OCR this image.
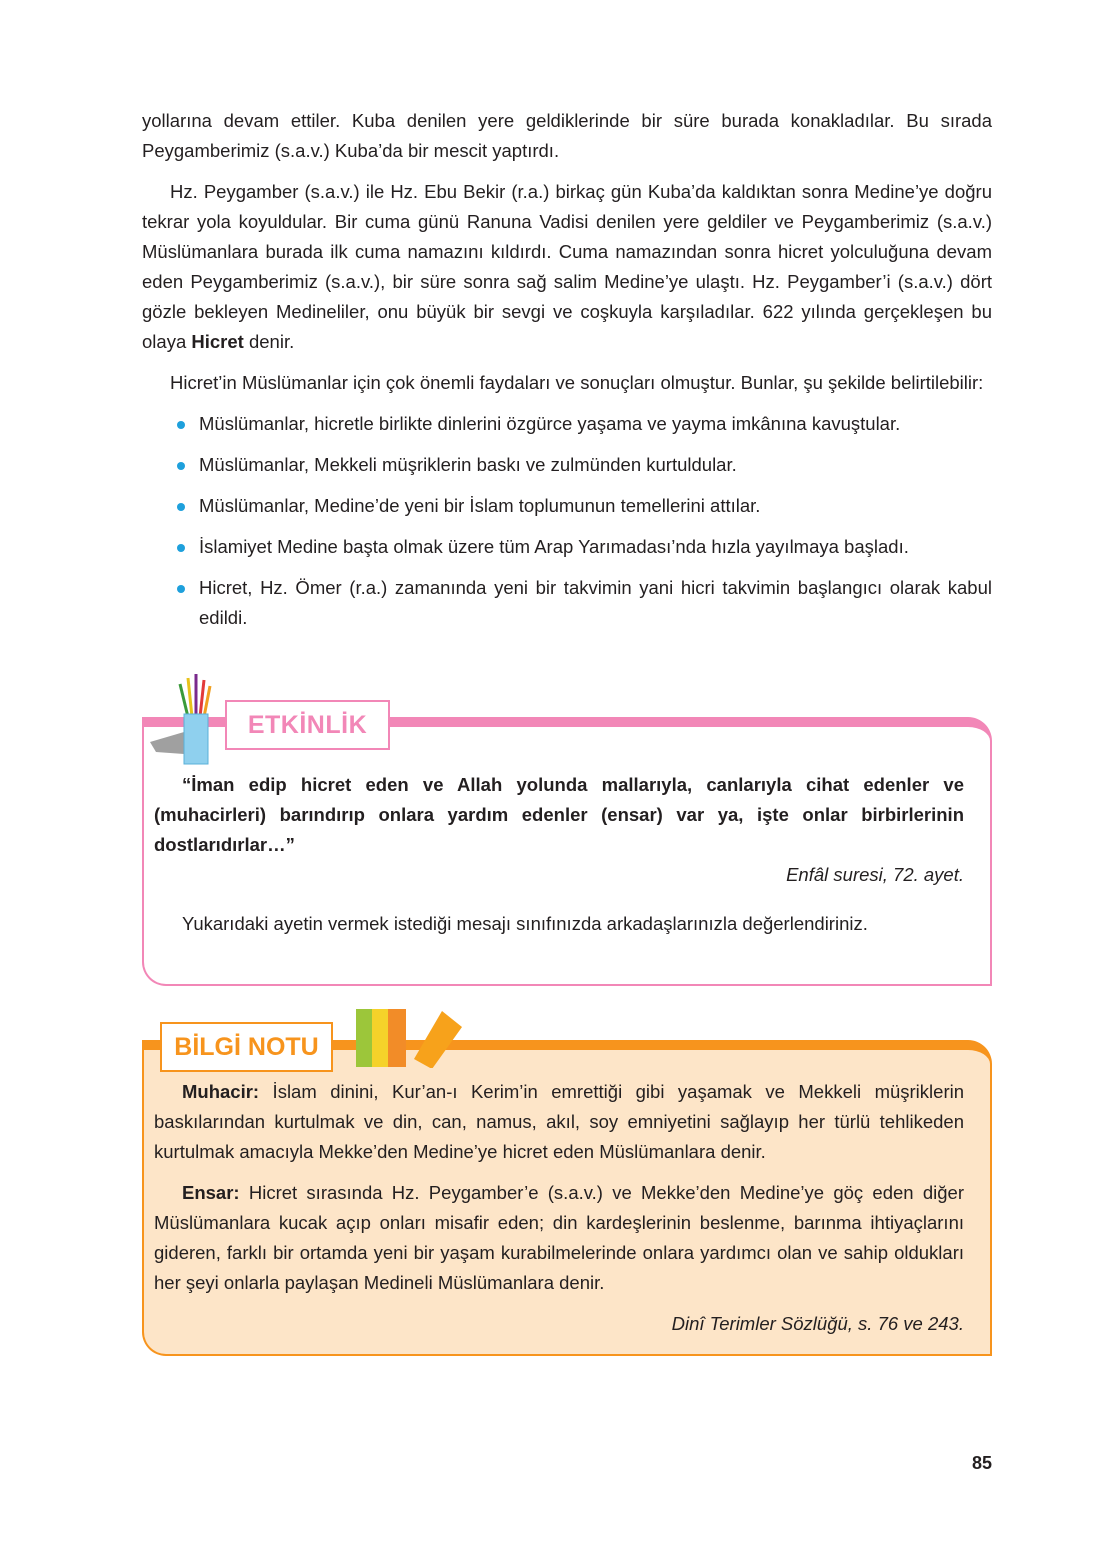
yollarına devam ettiler. Kuba denilen yere geldiklerinde bir süre burada konakladılar. Bu sırada Peygamberimiz (s.a.v.) Kuba’da bir mescit yaptırdı.

Hz. Peygamber (s.a.v.) ile Hz. Ebu Bekir (r.a.) birkaç gün Kuba’da kaldıktan sonra Medine’ye doğru tekrar yola koyuldular. Bir cuma günü Ranuna Vadisi denilen yere geldiler ve Peygamberimiz (s.a.v.) Müslümanlara burada ilk cuma namazını kıldırdı. Cuma namazından sonra hicret yolculuğuna devam eden Peygamberimiz (s.a.v.), bir süre sonra sağ salim Medine’ye ulaştı. Hz. Peygamber’i (s.a.v.) dört gözle bekleyen Medineliler, onu büyük bir sevgi ve coşkuyla karşıladılar. 622 yılında gerçekleşen bu olaya Hicret denir.

Hicret’in Müslümanlar için çok önemli faydaları ve sonuçları olmuştur. Bunlar, şu şekilde belirtilebilir:

Müslümanlar, hicretle birlikte dinlerini özgürce yaşama ve yayma imkânına kavuştular.
Müslümanlar, Mekkeli müşriklerin baskı ve zulmünden kurtuldular.
Müslümanlar, Medine’de yeni bir İslam toplumunun temellerini attılar.
İslamiyet Medine başta olmak üzere tüm Arap Yarımadası’nda hızla yayılmaya başladı.
Hicret, Hz. Ömer (r.a.) zamanında yeni bir takvimin yani hicri takvimin başlangıcı olarak kabul edildi.
ETKİNLİK

“İman edip hicret eden ve Allah yolunda mallarıyla, canlarıyla cihat edenler ve (muhacirleri) barındırıp onlara yardım edenler (ensar) var ya, işte onlar birbirlerinin dostlarıdırlar…”

Enfâl suresi, 72. ayet.

Yukarıdaki ayetin vermek istediği mesajı sınıfınızda arkadaşlarınızla değerlendiriniz.

BİLGİ NOTU

Muhacir: İslam dinini, Kur’an-ı Kerim’in emrettiği gibi yaşamak ve Mekkeli müşriklerin baskılarından kurtulmak ve din, can, namus, akıl, soy emniyetini sağlayıp her türlü tehlikeden kurtulmak amacıyla Mekke’den Medine’ye hicret eden Müslümanlara denir.

Ensar: Hicret sırasında Hz. Peygamber’e (s.a.v.) ve Mekke’den Medine’ye göç eden diğer Müslümanlara kucak açıp onları misafir eden; din kardeşlerinin beslenme, barınma ihtiyaçlarını gideren, farklı bir ortamda yeni bir yaşam kurabilmelerinde onlara yardımcı olan ve sahip oldukları her şeyi onlarla paylaşan Medineli Müslümanlara denir.

Dinî Terimler Sözlüğü, s. 76 ve 243.

85
